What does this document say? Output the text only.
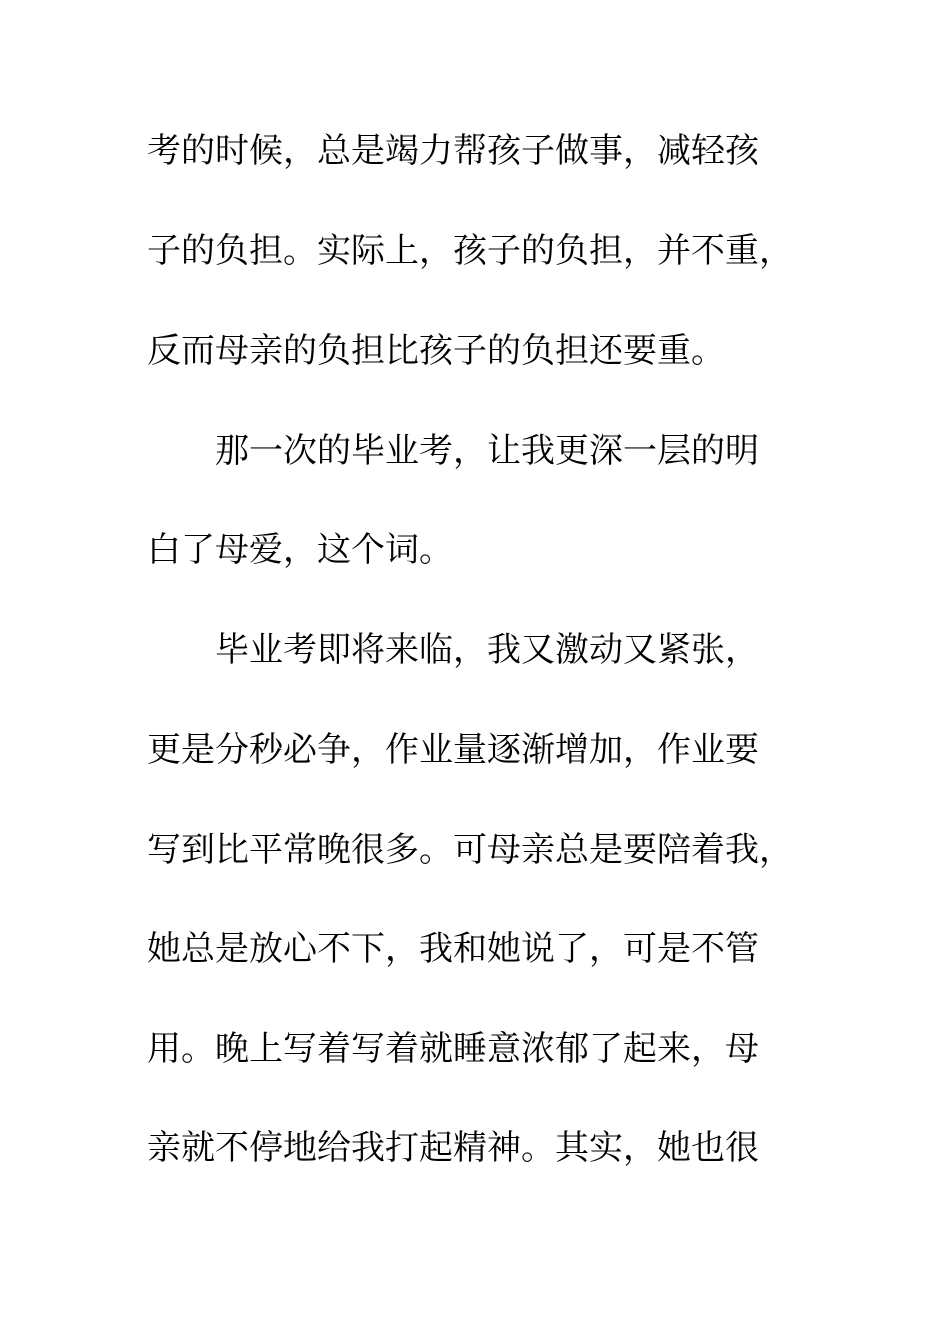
考的时候，总是竭力帮孩子做事，减轻孩
子的负担。实际上，孩子的负担，并不重，
反而母亲的负担比孩子的负担还要重。
那一次的毕业考，让我更深一层的明
白了母爱，这个词。
毕业考即将来临，我又激动又紧张，
更是分秒必争，作业量逐渐增加，作业要
写到比平常晚很多。可母亲总是要陪着我，
她总是放心不下，我和她说了，可是不管
用。晚上写着写着就睡意浓郁了起来，母
亲就不停地给我打起精神。其实，她也很
